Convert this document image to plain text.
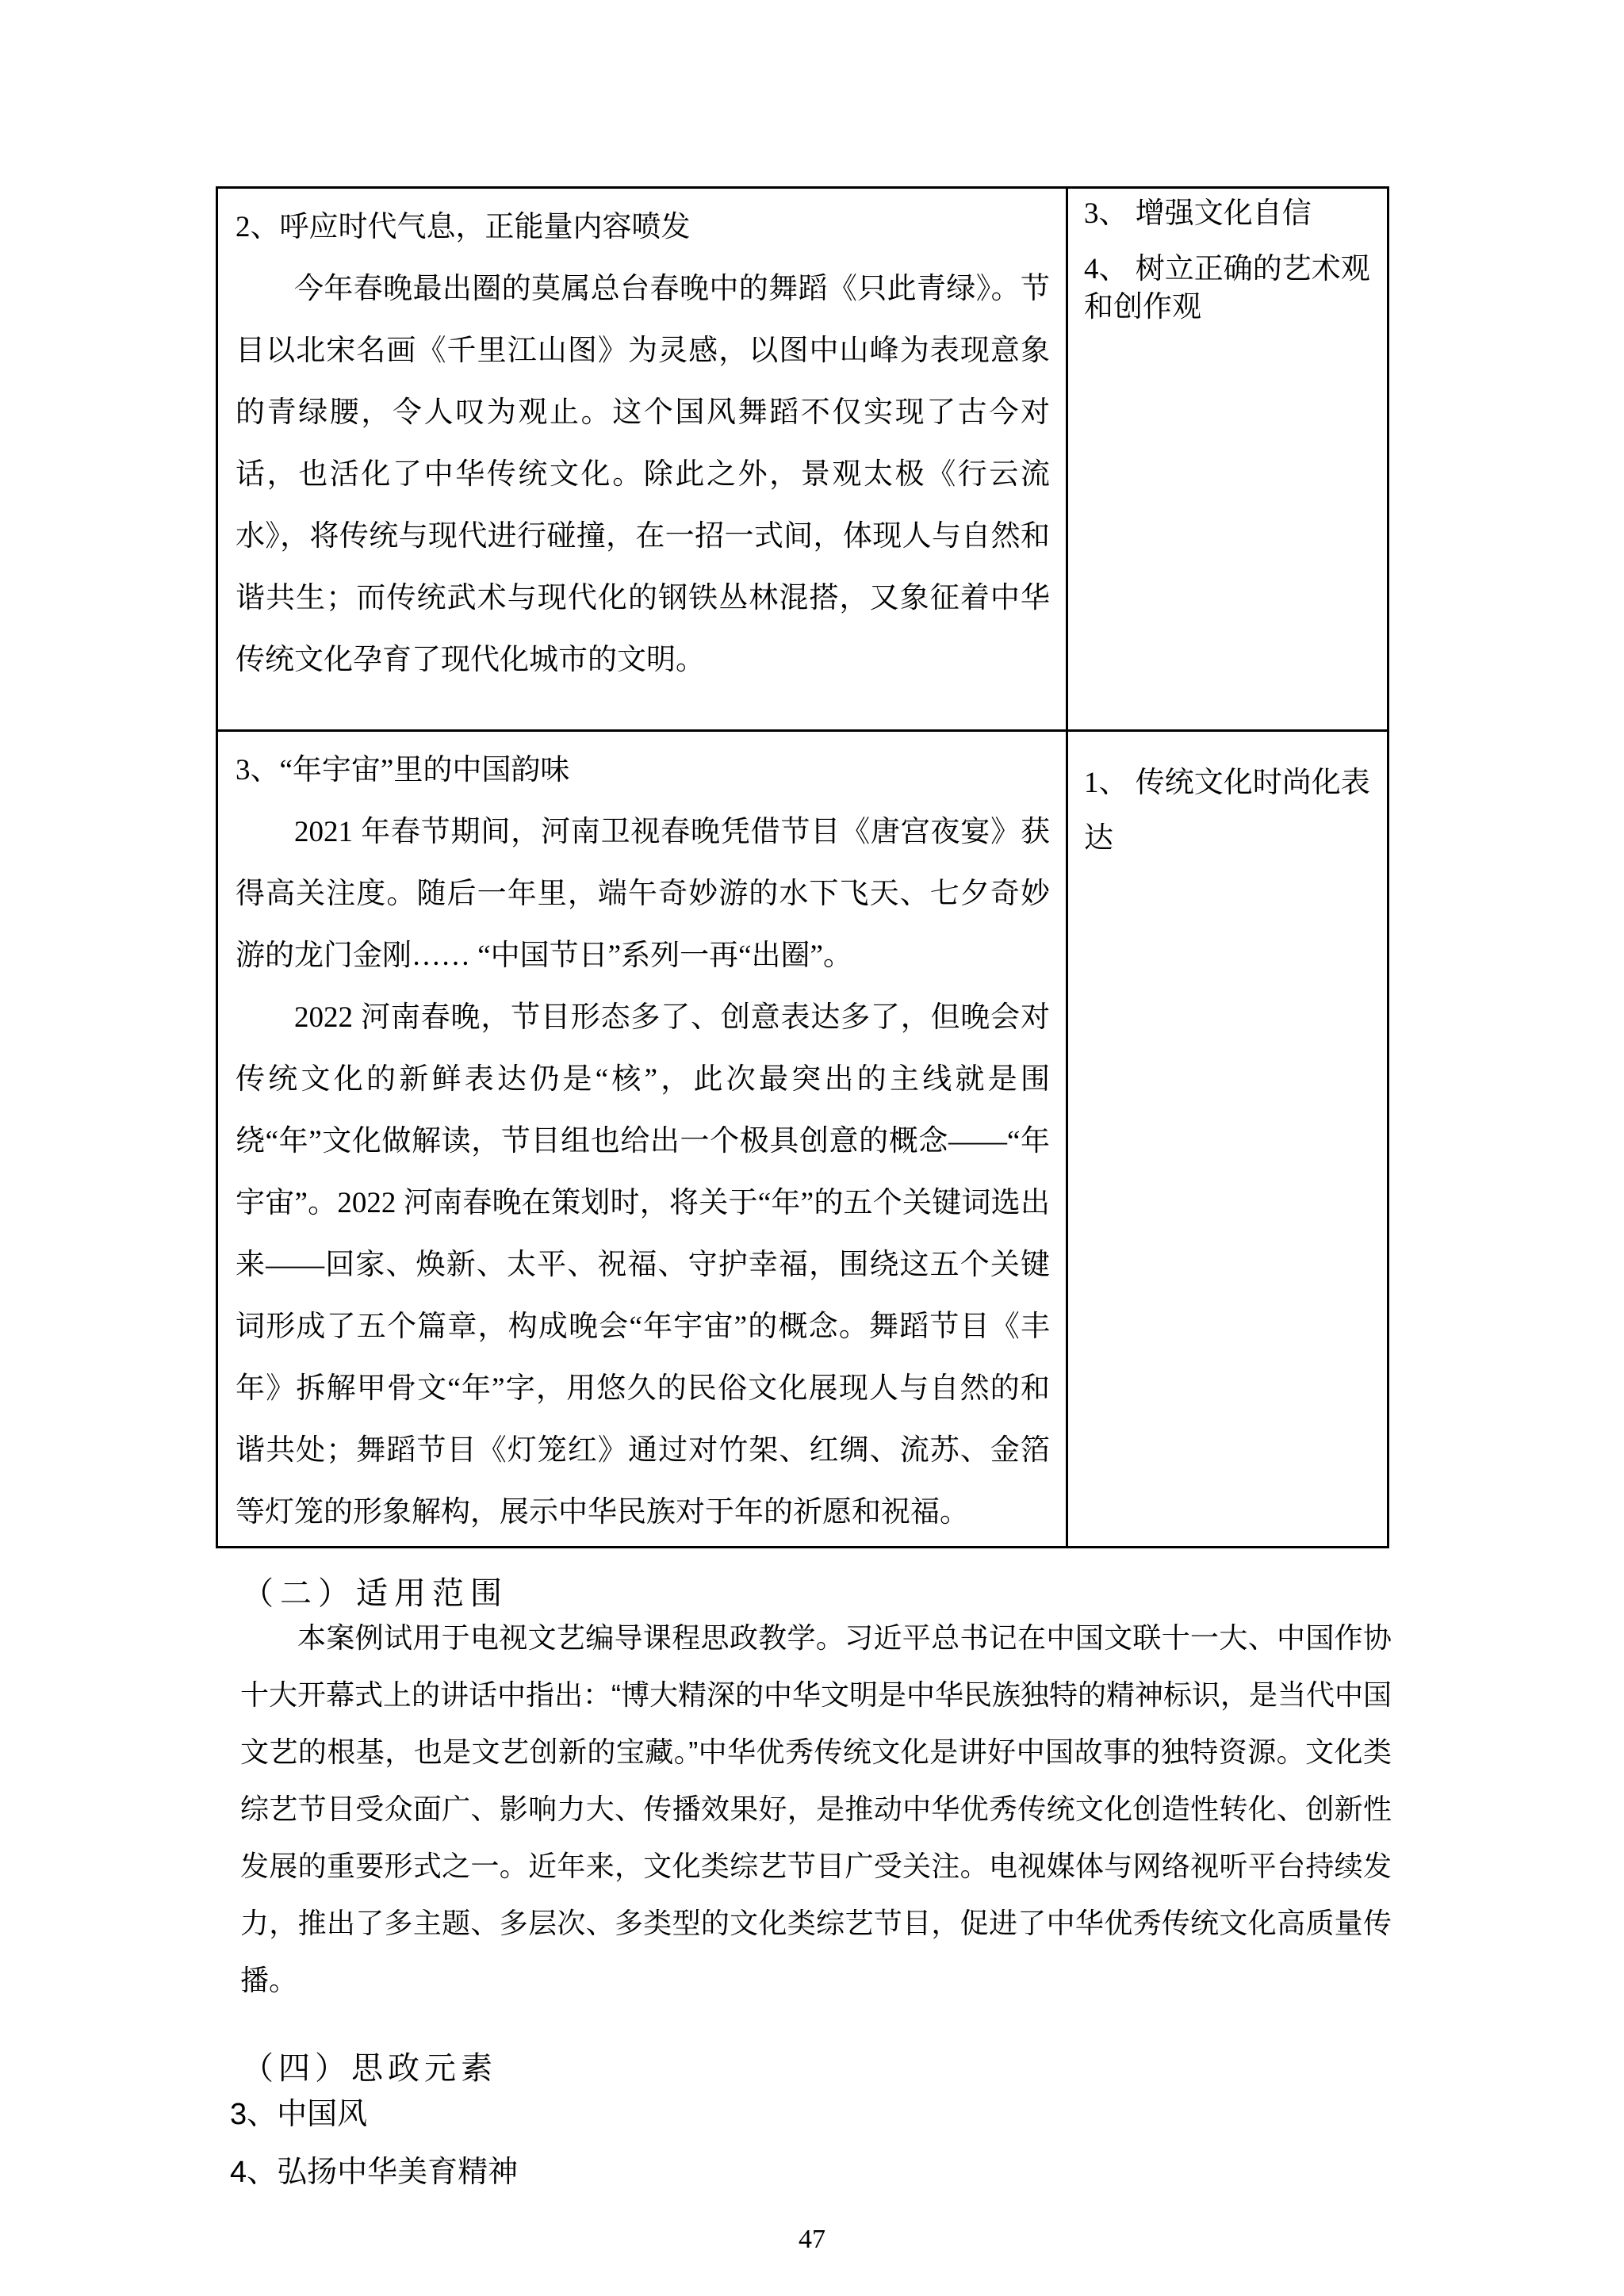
2、呼应时代气息，正能量内容喷发

今年春晚最出圈的莫属总台春晚中的舞蹈《只此青绿》。节目以北宋名画《千里江山图》为灵感，以图中山峰为表现意象的青绿腰，令人叹为观止。这个国风舞蹈不仅实现了古今对话，也活化了中华传统文化。除此之外，景观太极《行云流水》，将传统与现代进行碰撞，在一招一式间，体现人与自然和谐共生；而传统武术与现代化的钢铁丛林混搭，又象征着中华传统文化孕育了现代化城市的文明。

3、 增强文化自信

4、 树立正确的艺术观和创作观

3、“年宇宙”里的中国韵味

2021 年春节期间，河南卫视春晚凭借节目《唐宫夜宴》获得高关注度。随后一年里，端午奇妙游的水下飞天、七夕奇妙游的龙门金刚…… “中国节日”系列一再“出圈”。

2022 河南春晚，节目形态多了、创意表达多了，但晚会对传统文化的新鲜表达仍是“核”，此次最突出的主线就是围绕“年”文化做解读，节目组也给出一个极具创意的概念——“年宇宙”。2022 河南春晚在策划时，将关于“年”的五个关键词选出来——回家、焕新、太平、祝福、守护幸福，围绕这五个关键词形成了五个篇章，构成晚会“年宇宙”的概念。舞蹈节目《丰年》拆解甲骨文“年”字，用悠久的民俗文化展现人与自然的和谐共处；舞蹈节目《灯笼红》通过对竹架、红绸、流苏、金箔等灯笼的形象解构，展示中华民族对于年的祈愿和祝福。

1、 传统文化时尚化表达

（二）适用范围

本案例试用于电视文艺编导课程思政教学。习近平总书记在中国文联十一大、中国作协十大开幕式上的讲话中指出：“博大精深的中华文明是中华民族独特的精神标识，是当代中国文艺的根基，也是文艺创新的宝藏。”中华优秀传统文化是讲好中国故事的独特资源。文化类综艺节目受众面广、影响力大、传播效果好，是推动中华优秀传统文化创造性转化、创新性发展的重要形式之一。近年来，文化类综艺节目广受关注。电视媒体与网络视听平台持续发力，推出了多主题、多层次、多类型的文化类综艺节目，促进了中华优秀传统文化高质量传播。

（四）思政元素
3、中国风
4、弘扬中华美育精神
47
